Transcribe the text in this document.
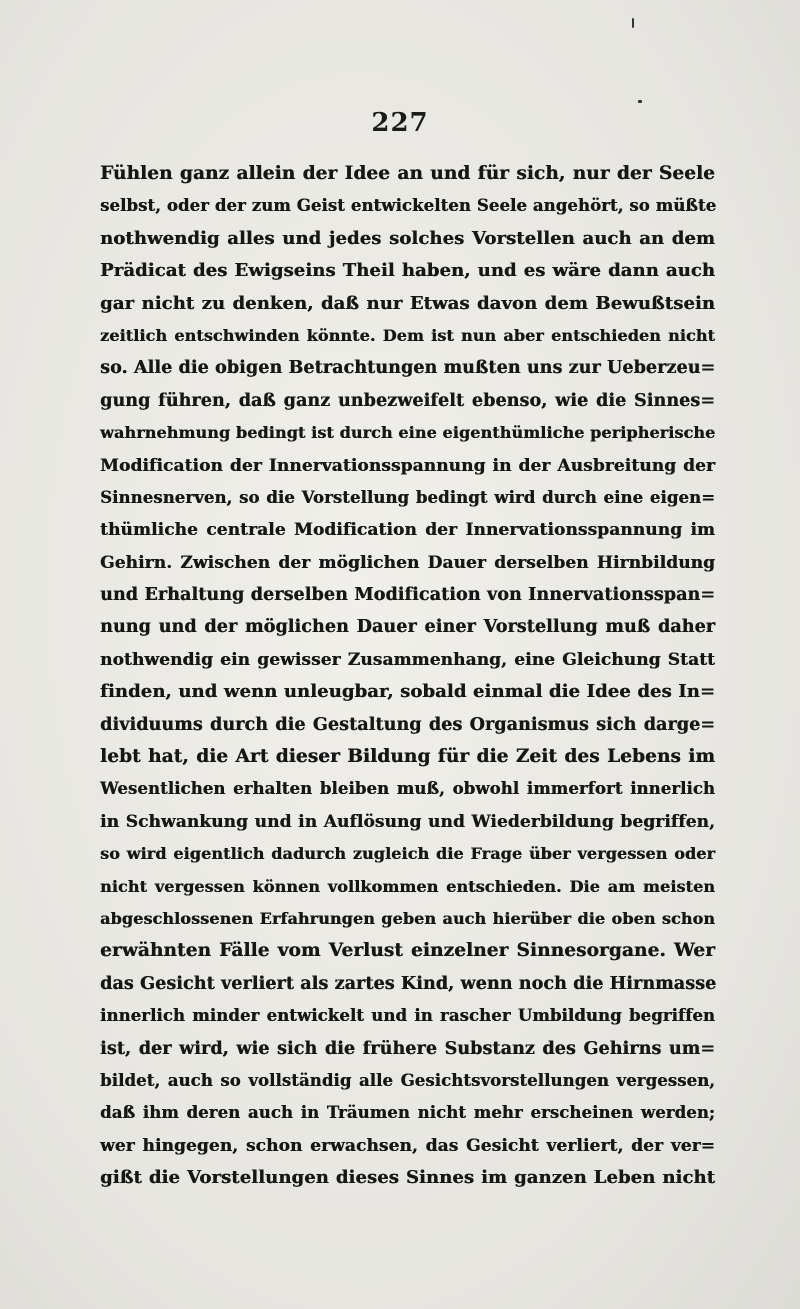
227
Fühlen ganz allein der Idee an und für sich, nur der Seele
selbst, oder der zum Geist entwickelten Seele angehört, so müßte
nothwendig alles und jedes solches Vorstellen auch an dem
Prädicat des Ewigseins Theil haben, und es wäre dann auch
gar nicht zu denken, daß nur Etwas davon dem Bewußtsein
zeitlich entschwinden könnte. Dem ist nun aber entschieden nicht
so. Alle die obigen Betrachtungen mußten uns zur Ueberzeu=
gung führen, daß ganz unbezweifelt ebenso, wie die Sinnes=
wahrnehmung bedingt ist durch eine eigenthümliche peripherische
Modification der Innervationsspannung in der Ausbreitung der
Sinnesnerven, so die Vorstellung bedingt wird durch eine eigen=
thümliche centrale Modification der Innervationsspannung im
Gehirn. Zwischen der möglichen Dauer derselben Hirnbildung
und Erhaltung derselben Modification von Innervationsspan=
nung und der möglichen Dauer einer Vorstellung muß daher
nothwendig ein gewisser Zusammenhang, eine Gleichung Statt
finden, und wenn unleugbar, sobald einmal die Idee des In=
dividuums durch die Gestaltung des Organismus sich darge=
lebt hat, die Art dieser Bildung für die Zeit des Lebens im
Wesentlichen erhalten bleiben muß, obwohl immerfort innerlich
in Schwankung und in Auflösung und Wiederbildung begriffen,
so wird eigentlich dadurch zugleich die Frage über vergessen oder
nicht vergessen können vollkommen entschieden. Die am meisten
abgeschlossenen Erfahrungen geben auch hierüber die oben schon
erwähnten Fälle vom Verlust einzelner Sinnesorgane. Wer
das Gesicht verliert als zartes Kind, wenn noch die Hirnmasse
innerlich minder entwickelt und in rascher Umbildung begriffen
ist, der wird, wie sich die frühere Substanz des Gehirns um=
bildet, auch so vollständig alle Gesichtsvorstellungen vergessen,
daß ihm deren auch in Träumen nicht mehr erscheinen werden;
wer hingegen, schon erwachsen, das Gesicht verliert, der ver=
gißt die Vorstellungen dieses Sinnes im ganzen Leben nicht
